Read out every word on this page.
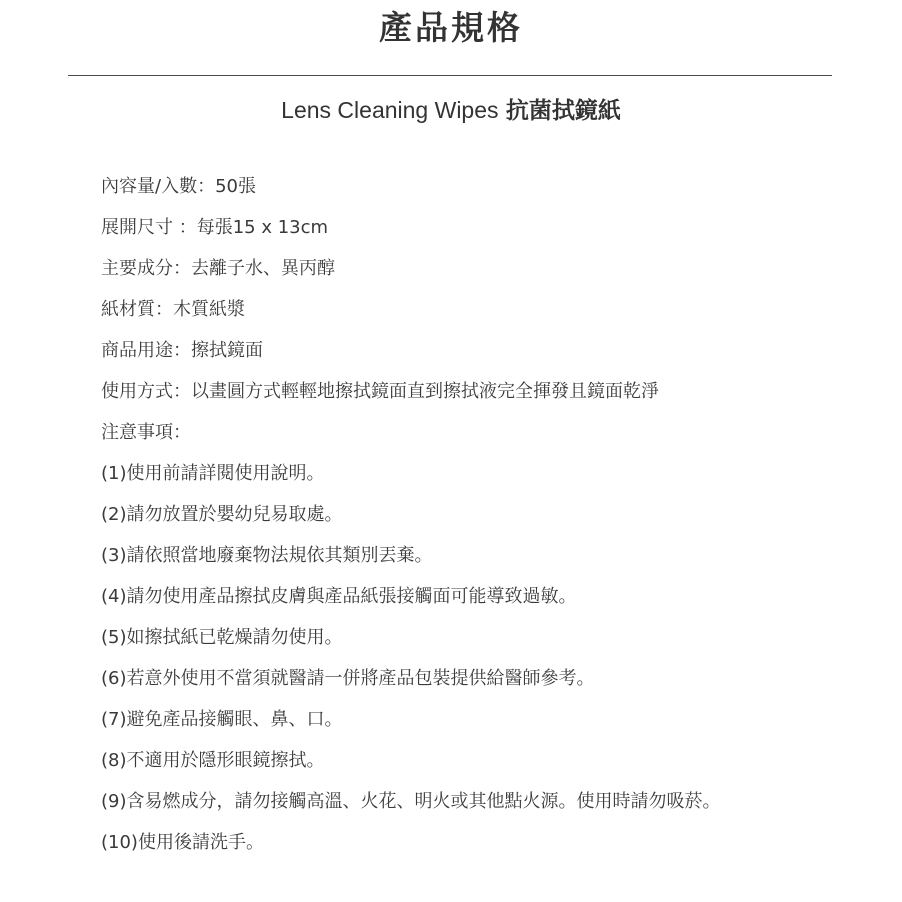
產品規格
Lens Cleaning Wipes 抗菌拭鏡紙
內容量/入數：50張
展開尺寸 ：每張15 x 13cm
主要成分：去離子水、異丙醇
紙材質：木質紙漿
商品用途：擦拭鏡面
使用方式：以畫圓方式輕輕地擦拭鏡面直到擦拭液完全揮發且鏡面乾淨
注意事項：
(1)使用前請詳閱使用說明。
(2)請勿放置於嬰幼兒易取處。
(3)請依照當地廢棄物法規依其類別丟棄。
(4)請勿使用產品擦拭皮膚與產品紙張接觸面可能導致過敏。
(5)如擦拭紙已乾燥請勿使用。
(6)若意外使用不當須就醫請一併將產品包裝提供給醫師參考。
(7)避免產品接觸眼、鼻、口。
(8)不適用於隱形眼鏡擦拭。
(9)含易燃成分，請勿接觸高溫、火花、明火或其他點火源。使用時請勿吸菸。
(10)使用後請洗手。
